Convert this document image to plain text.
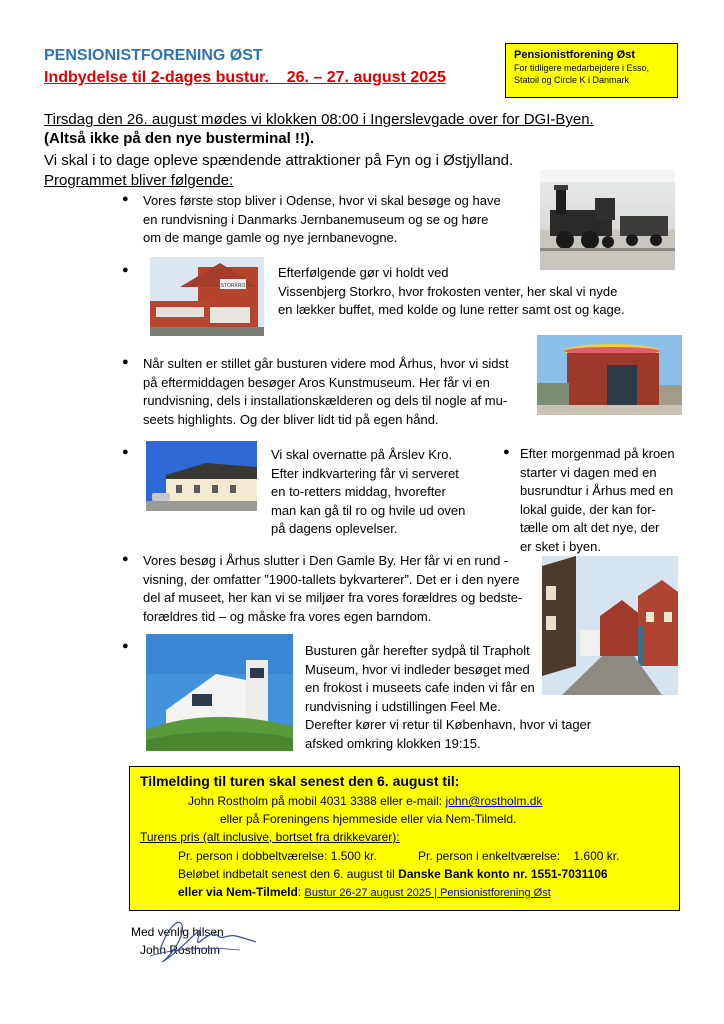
PENSIONISTFORENING ØST
Indbydelse til 2-dages bustur.    26. – 27. august 2025
Pensionistforening Øst
For tidligere medarbejdere i Esso,
Statoil og Circle K i Danmark
Tirsdag den 26. august mødes vi klokken 08:00 i Ingerslevgade over for DGI-Byen.
(Altså ikke på den nye busterminal !!).
Vi skal i to dage opleve spændende attraktioner på Fyn og i Østjylland.
Programmet bliver følgende:
● Vores første stop bliver i Odense, hvor vi skal besøge og have
en rundvisning i Danmarks Jernbanemuseum og se og høre
om de mange gamle og nye jernbanevogne.
●
STORKRO
Efterfølgende gør vi holdt ved
Vissenbjerg Storkro, hvor frokosten venter, her skal vi nyde
en lækker buffet, med kolde og lune retter samt ost og kage.
● Når sulten er stillet går busturen videre mod Århus, hvor vi sidst
på eftermiddagen besøger Aros Kunstmuseum. Her får vi en
rundvisning, dels i installationskælderen og dels til nogle af mu-
seets highlights. Og der bliver lidt tid på egen hånd.
●	Vi skal overnatte på Årslev Kro.
Efter indkvartering får vi serveret
en to-retters middag, hvorefter
man kan gå til ro og hvile ud oven
på dagens oplevelser.
● Efter morgenmad på kroen
starter vi dagen med en
busrundtur i Århus med en
lokal guide, der kan for-
tælle om alt det nye, der
er sket i byen.
● Vores besøg i Århus slutter i Den Gamle By. Her får vi en rund -
visning, der omfatter ”1900-tallets bykvarterer”. Det er i den nyere
del af museet, her kan vi se miljøer fra vores forældres og bedste-
forældres tid – og måske fra vores egen barndom.
●	Busturen går herefter sydpå til Trapholt
Museum, hvor vi indleder besøget med
en frokost i museets cafe inden vi får en
rundvisning i udstillingen Feel Me.
Derefter kører vi retur til København, hvor vi tager
afsked omkring klokken 19:15.
Tilmelding til turen skal senest den 6. august til:
John Rostholm på mobil 4031 3388 eller e-mail: john@rostholm.dk
eller på Foreningens hjemmeside eller via Nem-Tilmeld.
Turens pris (alt inclusive, bortset fra drikkevarer):
Pr. person i dobbeltværelse: 1.500 kr.	Pr. person i enkeltværelse:    1.600 kr.
Beløbet indbetalt senest den 6. august til Danske Bank konto nr. 1551-7031106
eller via Nem-Tilmeld: Bustur 26-27 august 2025 | Pensionistforening Øst
Med venlig hilsen
John Rostholm
